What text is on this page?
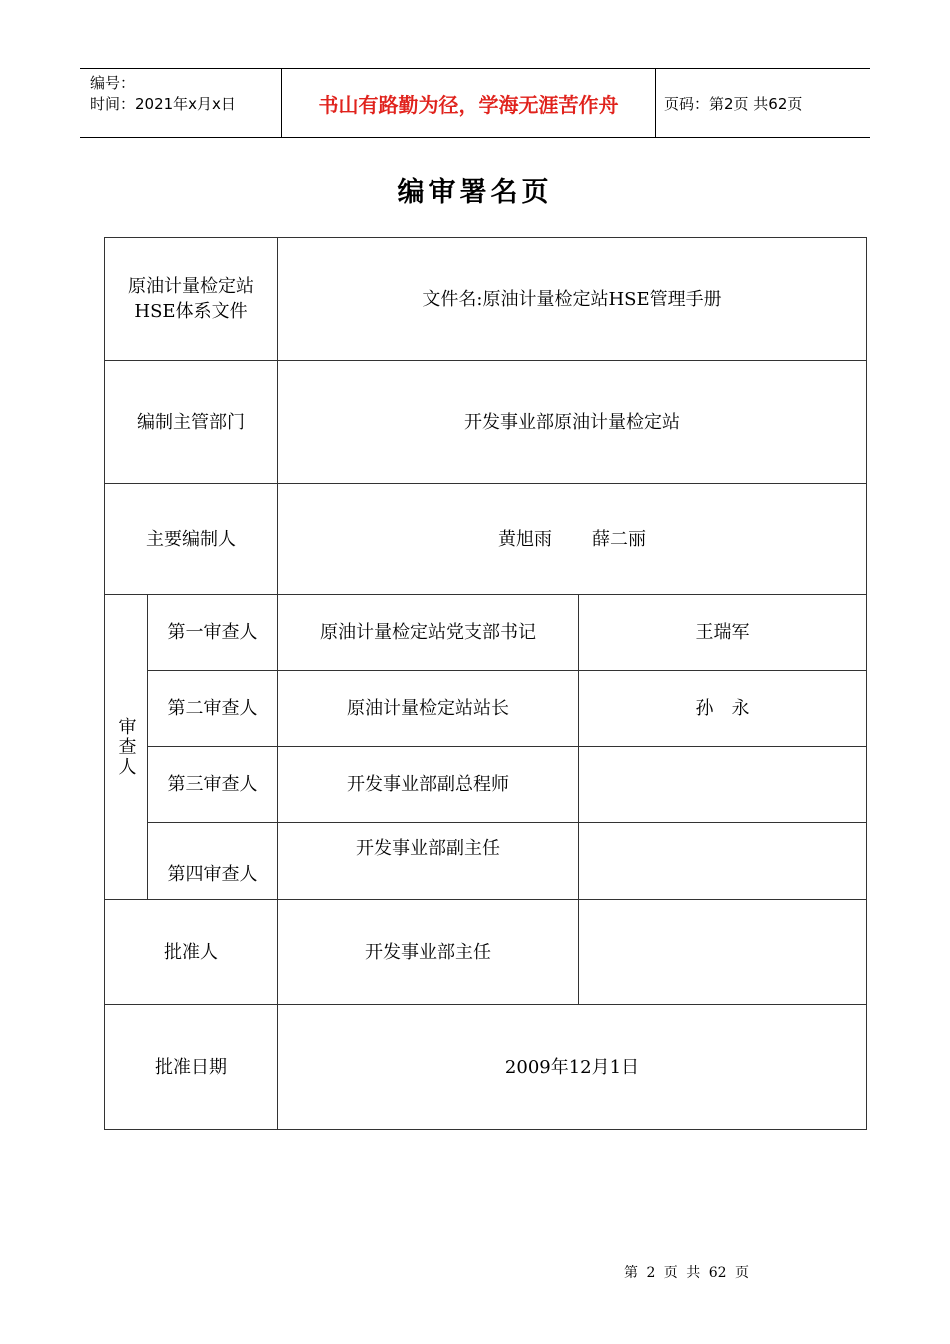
编号：
时间：2021年x月x日	书山有路勤为径，学海无涯苦作舟	页码：第2页 共62页
编审署名页
原油计量检定站
HSE体系文件		文件名:原油计量检定站HSE管理手册	
编制主管部门		开发事业部原油计量检定站	
主要编制人		黄旭雨 薛二丽	

审查人	第一审查人	原油计量检定站党支部书记	王瑞军
	第二审查人	原油计量检定站站长	孙　永
	第三审查人	开发事业部副总程师	
	第四审查人	开发事业部副主任	
批准人		开发事业部主任	
批准日期		2009年12月1日	
第 2 页 共 62 页
